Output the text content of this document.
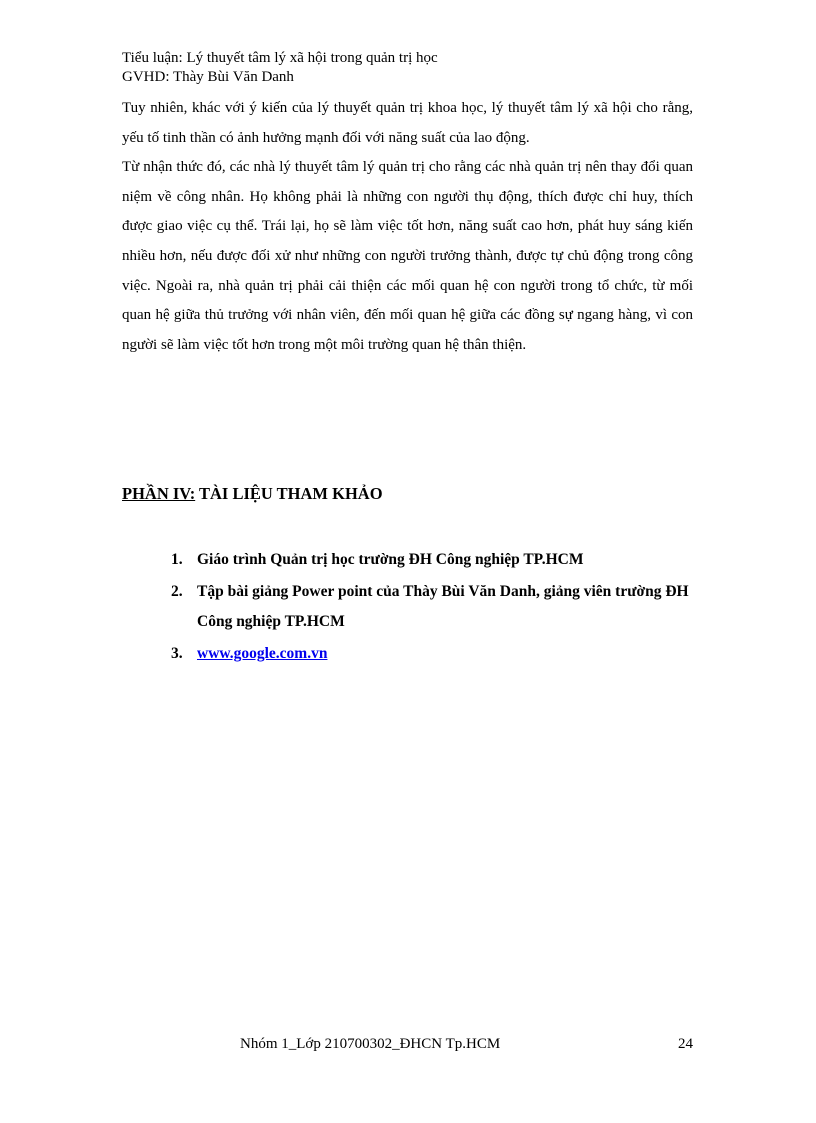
Tiểu luận: Lý thuyết tâm lý xã hội trong quản trị học
GVHD: Thày Bùi Văn Danh

Tuy nhiên, khác với ý kiến của lý thuyết quản trị khoa học, lý thuyết tâm lý xã hội cho rằng, yếu tố tinh thần có ảnh hưởng mạnh đối với năng suất của lao động.

Từ nhận thức đó, các nhà lý thuyết tâm lý quản trị cho rằng các nhà quản trị nên thay đổi quan niệm về công nhân. Họ không phải là những con người thụ động, thích được chỉ huy, thích được giao việc cụ thể. Trái lại, họ sẽ làm việc tốt hơn, năng suất cao hơn, phát huy sáng kiến nhiều hơn, nếu được đối xử như những con người trưởng thành, được tự chủ động trong công việc. Ngoài ra, nhà quản trị phải cải thiện các mối quan hệ con người trong tổ chức, từ mối quan hệ giữa thủ trưởng với nhân viên, đến mối quan hệ giữa các đồng sự ngang hàng, vì con người sẽ làm việc tốt hơn trong một môi trường quan hệ thân thiện.

PHẦN IV: TÀI LIỆU THAM KHẢO
1. Giáo trình Quản trị học trường ĐH Công nghiệp TP.HCM
2. Tập bài giảng Power point của Thày Bùi Văn Danh, giảng viên trường ĐH Công nghiệp TP.HCM
3. www.google.com.vn
Nhóm 1_Lớp 210700302_ĐHCN Tp.HCM	24
